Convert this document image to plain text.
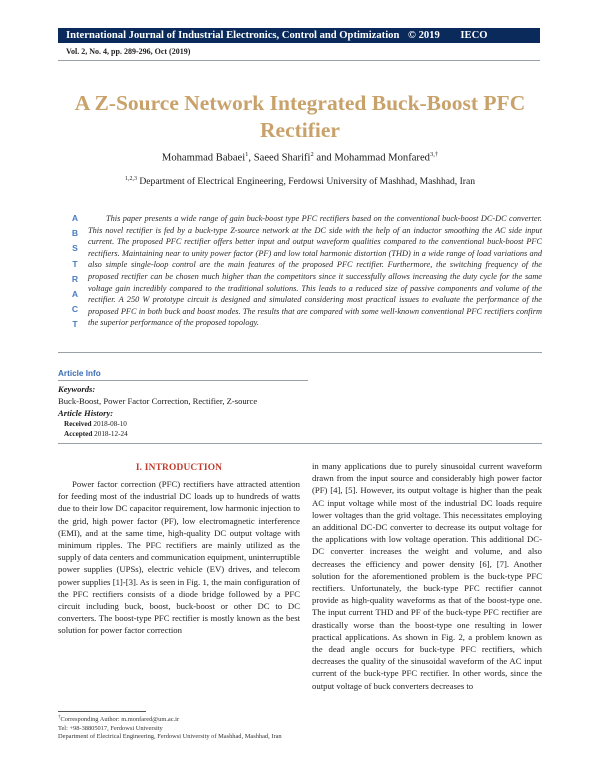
International Journal of Industrial Electronics, Control and Optimization © 2019 IECO
Vol. 2, No. 4, pp. 289-296, Oct (2019)
A Z-Source Network Integrated Buck-Boost PFC Rectifier
Mohammad Babaei$^1$, Saeed Sharifi$^2$ and Mohammad Monfared$^{3,\dagger}$
$^{1,2,3}$ Department of Electrical Engineering, Ferdowsi University of Mashhad, Mashhad, Iran
A
B
S
T
R
A
C
T
This paper presents a wide range of gain buck-boost type PFC rectifiers based on the conventional buck-boost DC-DC converter. This novel rectifier is fed by a buck-type Z-source network at the DC side with the help of an inductor smoothing the AC side input current. The proposed PFC rectifier offers better input and output waveform qualities compared to the conventional buck-boost PFC rectifiers. Maintaining near to unity power factor (PF) and low total harmonic distortion (THD) in a wide range of load variations and also simple single-loop control are the main features of the proposed PFC rectifier. Furthermore, the switching frequency of the proposed rectifier can be chosen much higher than the competitors since it successfully allows increasing the duty cycle for the same voltage gain incredibly compared to the traditional solutions. This leads to a reduced size of passive components and volume of the rectifier. A 250 W prototype circuit is designed and simulated considering most practical issues to evaluate the performance of the proposed PFC in both buck and boost modes. The results that are compared with some well-known conventional PFC rectifiers confirm the superior performance of the proposed topology.
Article Info
Keywords:
Buck-Boost, Power Factor Correction, Rectifier, Z-source
Article History:
Received 2018-08-10
Accepted 2018-12-24
I. INTRODUCTION
Power factor correction (PFC) rectifiers have attracted attention for feeding most of the industrial DC loads up to hundreds of watts due to their low DC capacitor requirement, low harmonic injection to the grid, high power factor (PF), low electromagnetic interference (EMI), and at the same time, high-quality DC output voltage with minimum ripples. The PFC rectifiers are mainly utilized as the supply of data centers and communication equipment, uninterruptible power supplies (UPSs), electric vehicle (EV) drives, and telecom power supplies [1]-[3]. As is seen in Fig. 1, the main configuration of the PFC rectifiers consists of a diode bridge followed by a PFC circuit including buck, boost, buck-boost or other DC to DC converters. The boost-type PFC rectifier is mostly known as the best solution for power factor correction
in many applications due to purely sinusoidal current waveform drawn from the input source and considerably high power factor (PF) [4], [5]. However, its output voltage is higher than the peak AC input voltage while most of the industrial DC loads require lower voltages than the grid voltage. This necessitates employing an additional DC-DC converter to decrease its output voltage for the applications with low voltage operation. This additional DC-DC converter increases the weight and volume, and also decreases the efficiency and power density [6], [7]. Another solution for the aforementioned problem is the buck-type PFC rectifiers. Unfortunately, the buck-type PFC rectifier cannot provide as high-quality waveforms as that of the boost-type one. The input current THD and PF of the buck-type PFC rectifier are drastically worse than the boost-type one resulting in lower practical applications. As shown in Fig. 2, a problem known as the dead angle occurs for buck-type PFC rectifiers, which decreases the quality of the sinusoidal waveform of the AC input current of the buck-type PFC rectifier. In other words, since the output voltage of buck converters decreases to
†Corresponding Author: m.monfared@um.ac.ir
Tel: +98-38805017, Ferdowsi University
Department of Electrical Engineering, Ferdowsi University of Mashhad, Mashhad, Iran
